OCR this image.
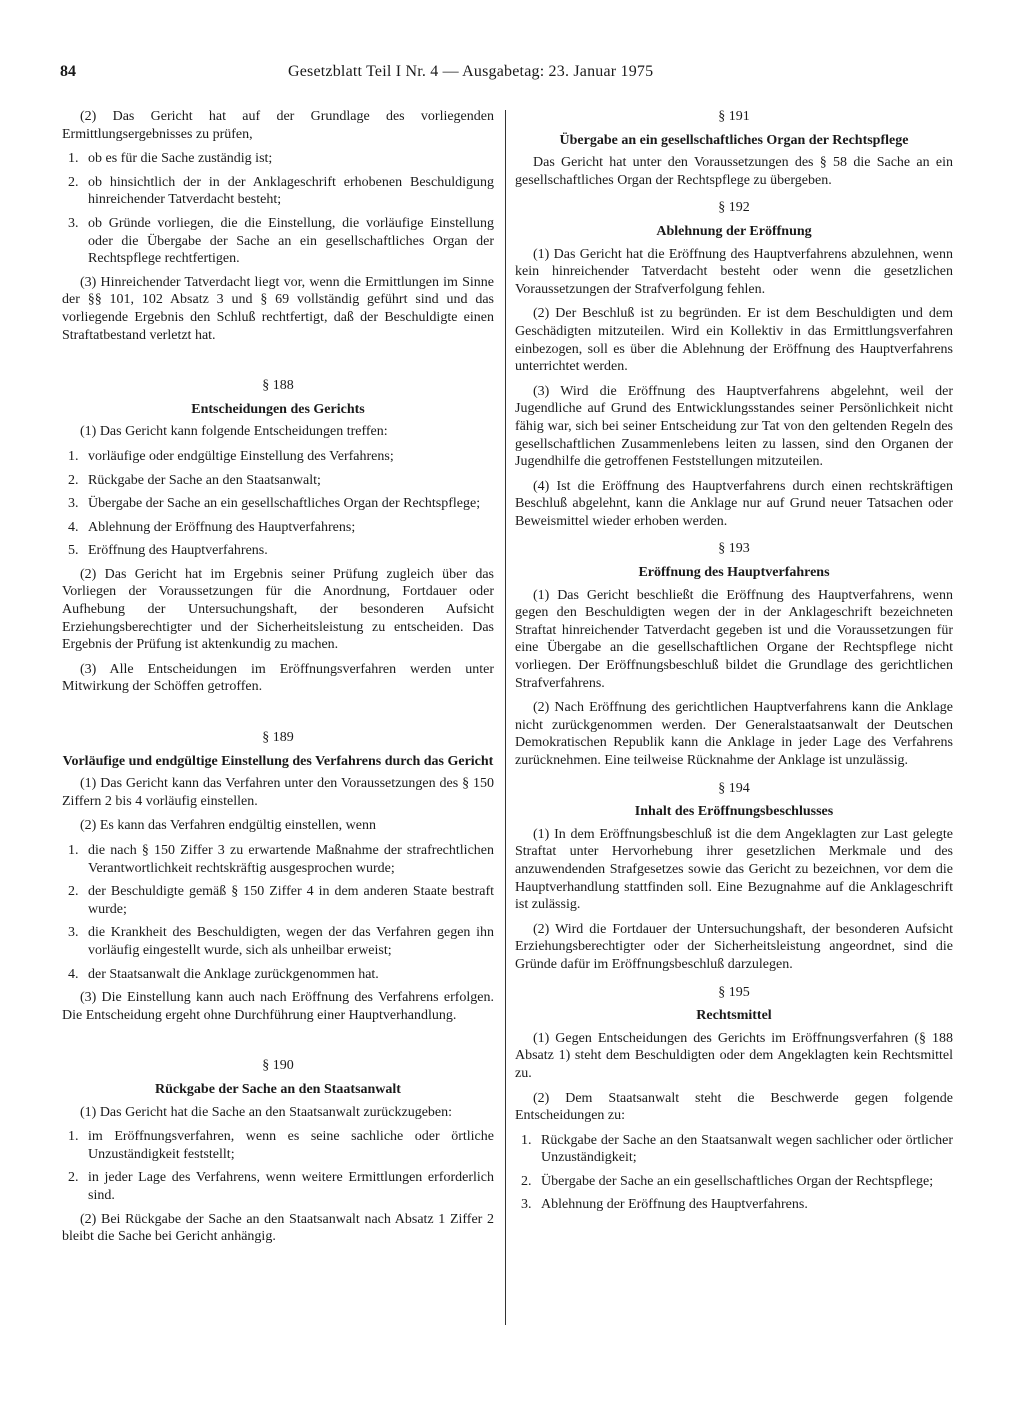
84	Gesetzblatt Teil I Nr. 4 — Ausgabetag: 23. Januar 1975

(2) Das Gericht hat auf der Grundlage des vorliegenden Ermittlungsergebnisses zu prüfen,

1. ob es für die Sache zuständig ist;
2. ob hinsichtlich der in der Anklageschrift erhobenen Beschuldigung hinreichender Tatverdacht besteht;
3. ob Gründe vorliegen, die die Einstellung, die vorläufige Einstellung oder die Übergabe der Sache an ein gesellschaftliches Organ der Rechtspflege rechtfertigen.

(3) Hinreichender Tatverdacht liegt vor, wenn die Ermittlungen im Sinne der §§ 101, 102 Absatz 3 und § 69 vollständig geführt sind und das vorliegende Ergebnis den Schluß rechtfertigt, daß der Beschuldigte einen Straftatbestand verletzt hat.

§ 188

Entscheidungen des Gerichts

(1) Das Gericht kann folgende Entscheidungen treffen:

1. vorläufige oder endgültige Einstellung des Verfahrens;
2. Rückgabe der Sache an den Staatsanwalt;
3. Übergabe der Sache an ein gesellschaftliches Organ der Rechtspflege;
4. Ablehnung der Eröffnung des Hauptverfahrens;
5. Eröffnung des Hauptverfahrens.

(2) Das Gericht hat im Ergebnis seiner Prüfung zugleich über das Vorliegen der Voraussetzungen für die Anordnung, Fortdauer oder Aufhebung der Untersuchungshaft, der besonderen Aufsicht Erziehungsberechtigter und der Sicherheitsleistung zu entscheiden. Das Ergebnis der Prüfung ist aktenkundig zu machen.

(3) Alle Entscheidungen im Eröffnungsverfahren werden unter Mitwirkung der Schöffen getroffen.

§ 189

Vorläufige und endgültige Einstellung des Verfahrens durch das Gericht

(1) Das Gericht kann das Verfahren unter den Voraussetzungen des § 150 Ziffern 2 bis 4 vorläufig einstellen.

(2) Es kann das Verfahren endgültig einstellen, wenn

1. die nach § 150 Ziffer 3 zu erwartende Maßnahme der strafrechtlichen Verantwortlichkeit rechtskräftig ausgesprochen wurde;
2. der Beschuldigte gemäß § 150 Ziffer 4 in dem anderen Staate bestraft wurde;
3. die Krankheit des Beschuldigten, wegen der das Verfahren gegen ihn vorläufig eingestellt wurde, sich als unheilbar erweist;
4. der Staatsanwalt die Anklage zurückgenommen hat.

(3) Die Einstellung kann auch nach Eröffnung des Verfahrens erfolgen. Die Entscheidung ergeht ohne Durchführung einer Hauptverhandlung.

§ 190

Rückgabe der Sache an den Staatsanwalt

(1) Das Gericht hat die Sache an den Staatsanwalt zurückzugeben:

1. im Eröffnungsverfahren, wenn es seine sachliche oder örtliche Unzuständigkeit feststellt;
2. in jeder Lage des Verfahrens, wenn weitere Ermittlungen erforderlich sind.

(2) Bei Rückgabe der Sache an den Staatsanwalt nach Absatz 1 Ziffer 2 bleibt die Sache bei Gericht anhängig.

§ 191

Übergabe an ein gesellschaftliches Organ der Rechtspflege

Das Gericht hat unter den Voraussetzungen des § 58 die Sache an ein gesellschaftliches Organ der Rechtspflege zu übergeben.

§ 192

Ablehnung der Eröffnung

(1) Das Gericht hat die Eröffnung des Hauptverfahrens abzulehnen, wenn kein hinreichender Tatverdacht besteht oder wenn die gesetzlichen Voraussetzungen der Strafverfolgung fehlen.

(2) Der Beschluß ist zu begründen. Er ist dem Beschuldigten und dem Geschädigten mitzuteilen. Wird ein Kollektiv in das Ermittlungsverfahren einbezogen, soll es über die Ablehnung der Eröffnung des Hauptverfahrens unterrichtet werden.

(3) Wird die Eröffnung des Hauptverfahrens abgelehnt, weil der Jugendliche auf Grund des Entwicklungsstandes seiner Persönlichkeit nicht fähig war, sich bei seiner Entscheidung zur Tat von den geltenden Regeln des gesellschaftlichen Zusammenlebens leiten zu lassen, sind den Organen der Jugendhilfe die getroffenen Feststellungen mitzuteilen.

(4) Ist die Eröffnung des Hauptverfahrens durch einen rechtskräftigen Beschluß abgelehnt, kann die Anklage nur auf Grund neuer Tatsachen oder Beweismittel wieder erhoben werden.

§ 193

Eröffnung des Hauptverfahrens

(1) Das Gericht beschließt die Eröffnung des Hauptverfahrens, wenn gegen den Beschuldigten wegen der in der Anklageschrift bezeichneten Straftat hinreichender Tatverdacht gegeben ist und die Voraussetzungen für eine Übergabe an die gesellschaftlichen Organe der Rechtspflege nicht vorliegen. Der Eröffnungsbeschluß bildet die Grundlage des gerichtlichen Strafverfahrens.

(2) Nach Eröffnung des gerichtlichen Hauptverfahrens kann die Anklage nicht zurückgenommen werden. Der Generalstaatsanwalt der Deutschen Demokratischen Republik kann die Anklage in jeder Lage des Verfahrens zurücknehmen. Eine teilweise Rücknahme der Anklage ist unzulässig.

§ 194

Inhalt des Eröffnungsbeschlusses

(1) In dem Eröffnungsbeschluß ist die dem Angeklagten zur Last gelegte Straftat unter Hervorhebung ihrer gesetzlichen Merkmale und des anzuwendenden Strafgesetzes sowie das Gericht zu bezeichnen, vor dem die Hauptverhandlung stattfinden soll. Eine Bezugnahme auf die Anklageschrift ist zulässig.

(2) Wird die Fortdauer der Untersuchungshaft, der besonderen Aufsicht Erziehungsberechtigter oder der Sicherheitsleistung angeordnet, sind die Gründe dafür im Eröffnungsbeschluß darzulegen.

§ 195

Rechtsmittel

(1) Gegen Entscheidungen des Gerichts im Eröffnungsverfahren (§ 188 Absatz 1) steht dem Beschuldigten oder dem Angeklagten kein Rechtsmittel zu.

(2) Dem Staatsanwalt steht die Beschwerde gegen folgende Entscheidungen zu:

1. Rückgabe der Sache an den Staatsanwalt wegen sachlicher oder örtlicher Unzuständigkeit;
2. Übergabe der Sache an ein gesellschaftliches Organ der Rechtspflege;
3. Ablehnung der Eröffnung des Hauptverfahrens.
